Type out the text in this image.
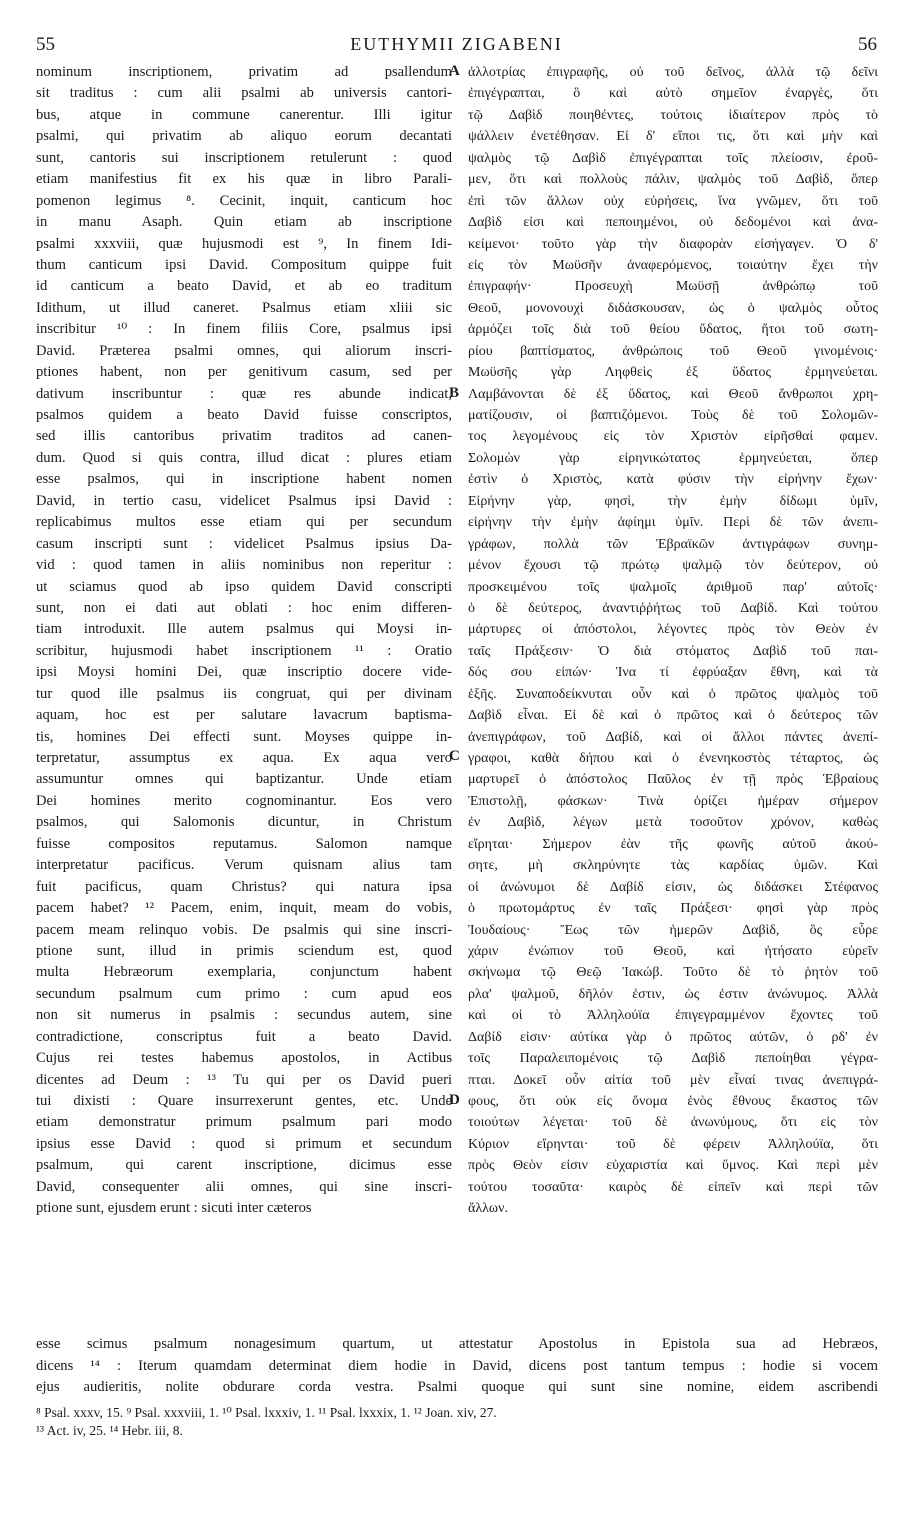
55	EUTHYMII ZIGABENI	56
nominum inscriptionem, privatim ad psallendum
sit traditus : cum alii psalmi ab universis cantori-
bus, atque in commune canerentur. Illi igitur
psalmi, qui privatim ab aliquo eorum decantati
sunt, cantoris sui inscriptionem retulerunt : quod
etiam manifestius fit ex his quæ in libro Parali-
pomenon legimus ⁸. Cecinit, inquit, canticum hoc
in manu Asaph. Quin etiam ab inscriptione
psalmi xxxviii, quæ hujusmodi est ⁹, In finem Idi-
thum canticum ipsi David. Compositum quippe fuit
id canticum a beato David, et ab eo traditum
Idithum, ut illud caneret. Psalmus etiam xliii sic
inscribitur ¹⁰ : In finem filiis Core, psalmus ipsi
David. Præterea psalmi omnes, qui aliorum inscri-
ptiones habent, non per genitivum casum, sed per
dativum inscribuntur : quæ res abunde indicat,
psalmos quidem a beato David fuisse conscriptos,
sed illis cantoribus privatim traditos ad canen-
dum. Quod si quis contra, illud dicat : plures etiam
esse psalmos, qui in inscriptione habent nomen
David, in tertio casu, videlicet Psalmus ipsi David :
replicabimus multos esse etiam qui per secundum
casum inscripti sunt : videlicet Psalmus ipsius Da-
vid : quod tamen in aliis nominibus non reperitur :
ut sciamus quod ab ipso quidem David conscripti
sunt, non ei dati aut oblati : hoc enim differen-
tiam introduxit. Ille autem psalmus qui Moysi in-
scribitur, hujusmodi habet inscriptionem ¹¹ : Oratio
ipsi Moysi homini Dei, quæ inscriptio docere vide-
tur quod ille psalmus iis congruat, qui per divinam
aquam, hoc est per salutare lavacrum baptisma-
tis, homines Dei effecti sunt. Moyses quippe in-
terpretatur, assumptus ex aqua. Ex aqua vero
assumuntur omnes qui baptizantur. Unde etiam
Dei homines merito cognominantur. Eos vero
psalmos, qui Salomonis dicuntur, in Christum
fuisse compositos reputamus. Salomon namque
interpretatur pacificus. Verum quisnam alius tam
fuit pacificus, quam Christus? qui natura ipsa
pacem habet? ¹² Pacem, enim, inquit, meam do vobis,
pacem meam relinquo vobis. De psalmis qui sine inscri-
ptione sunt, illud in primis sciendum est, quod
multa Hebræorum exemplaria, conjunctum habent
secundum psalmum cum primo : cum apud eos
non sit numerus in psalmis : secundus autem, sine
contradictione, conscriptus fuit a beato David.
Cujus rei testes habemus apostolos, in Actibus
dicentes ad Deum : ¹³ Tu qui per os David pueri
tui dixisti : Quare insurrexerunt gentes, etc. Unde
etiam demonstratur primum psalmum pari modo
ipsius esse David : quod si primum et secundum
psalmum, qui carent inscriptione, dicimus esse
David, consequenter alii omnes, qui sine inscri-
ptione sunt, ejusdem erunt : sicuti inter cæteros
ἀλλοτρίας ἐπιγραφῆς, οὐ τοῦ δεῖνος, ἀλλὰ τῷ δεῖνι
ἐπιγέγραπται, ὃ καὶ αὐτὸ σημεῖον ἐναργὲς, ὅτι
τῷ Δαβὶδ ποιηθέντες, τούτοις ἰδιαίτερον πρὸς τὸ
ψάλλειν ἐνετέθησαν. Εἰ δ' εἴποι τις, ὅτι καὶ μὴν καὶ
ψαλμὸς τῷ Δαβὶδ ἐπιγέγραπται τοῖς πλείοσιν, ἐροῦ-
μεν, ὅτι καὶ πολλοὺς πάλιν, ψαλμὸς τοῦ Δαβὶδ, ὅπερ
ἐπὶ τῶν ἄλλων οὐχ εὑρήσεις, ἵνα γνῶμεν, ὅτι τοῦ
Δαβὶδ εἰσι καὶ πεποιημένοι, οὐ δεδομένοι καὶ ἀνα-
κείμενοι· τοῦτο γὰρ τὴν διαφορὰν εἰσήγαγεν. Ὁ δ'
εἰς τὸν Μωϋσῆν ἀναφερόμενος, τοιαύτην ἔχει τὴν
ἐπιγραφήν· Προσευχὴ Μωϋσῇ ἀνθρώπῳ τοῦ
Θεοῦ, μονονουχὶ διδάσκουσαν, ὡς ὁ ψαλμὸς οὗτος
ἁρμόζει τοῖς διὰ τοῦ θείου ὕδατος, ἤτοι τοῦ σωτη-
ρίου βαπτίσματος, ἀνθρώποις τοῦ Θεοῦ γινομένοις·
Μωϋσῆς γὰρ Ληφθεὶς ἐξ ὕδατος ἑρμηνεύεται.
Λαμβάνονται δὲ ἐξ ὕδατος, καὶ Θεοῦ ἄνθρωποι χρη-
ματίζουσιν, οἱ βαπτιζόμενοι. Τοὺς δὲ τοῦ Σολομῶν-
τος λεγομένους εἰς τὸν Χριστὸν εἰρῆσθαί φαμεν.
Σολομὼν γὰρ εἰρηνικώτατος ἑρμηνεύεται, ὅπερ
ἐστὶν ὁ Χριστὸς, κατὰ φύσιν τὴν εἰρήνην ἔχων·
Εἰρήνην γὰρ, φησὶ, τὴν ἐμὴν δίδωμι ὑμῖν,
εἰρήνην τὴν ἐμὴν ἀφίημι ὑμῖν. Περὶ δὲ τῶν ἀνεπι-
γράφων, πολλὰ τῶν Ἑβραϊκῶν ἀντιγράφων συνημ-
μένον ἔχουσι τῷ πρώτῳ ψαλμῷ τὸν δεύτερον, οὐ
προσκειμένου τοῖς ψαλμοῖς ἀριθμοῦ παρ' αὐτοῖς·
ὁ δὲ δεύτερος, ἀναντιῤῥήτως τοῦ Δαβίδ. Καὶ τούτου
μάρτυρες οἱ ἀπόστολοι, λέγοντες πρὸς τὸν Θεὸν ἐν
ταῖς Πράξεσιν· Ὁ διὰ στόματος Δαβὶδ τοῦ παι-
δός σου εἰπών· Ἱνα τί ἐφρύαξαν ἔθνη, καὶ τὰ
ἑξῆς. Συναποδείκνυται οὖν καὶ ὁ πρῶτος ψαλμὸς τοῦ
Δαβὶδ εἶναι. Εἰ δὲ καὶ ὁ πρῶτος καὶ ὁ δεύτερος τῶν
ἀνεπιγράφων, τοῦ Δαβίδ, καὶ οἱ ἄλλοι πάντες ἀνεπί-
γραφοι, καθὰ δήπου καὶ ὁ ἐνενηκοστὸς τέταρτος, ὡς
μαρτυρεῖ ὁ ἀπόστολος Παῦλος ἐν τῇ πρὸς Ἑβραίους
Ἐπιστολῇ, φάσκων· Τινὰ ὁρίζει ἡμέραν σήμερον
ἐν Δαβὶδ, λέγων μετὰ τοσοῦτον χρόνον, καθὼς
εἴρηται· Σήμερον ἐὰν τῆς φωνῆς αὐτοῦ ἀκού-
σητε, μὴ σκληρύνητε τὰς καρδίας ὑμῶν. Καὶ
οἱ ἀνώνυμοι δὲ Δαβίδ εἰσιν, ὡς διδάσκει Στέφανος
ὁ πρωτομάρτυς ἐν ταῖς Πράξεσι· φησὶ γὰρ πρὸς
Ἰουδαίους· Ἕως τῶν ἡμερῶν Δαβὶδ, ὃς εὗρε
χάριν ἐνώπιον τοῦ Θεοῦ, καὶ ἠτήσατο εὑρεῖν
σκήνωμα τῷ Θεῷ Ἰακώβ. Τοῦτο δὲ τὸ ῥητὸν τοῦ
ρλα' ψαλμοῦ, δῆλόν ἐστιν, ὡς ἐστιν ἀνώνυμος. Ἀλλὰ
καὶ οἱ τὸ Ἀλληλούϊα ἐπιγεγραμμένον ἔχοντες τοῦ
Δαβίδ εἰσιν· αὐτίκα γὰρ ὁ πρῶτος αὐτῶν, ὁ ρδ' ἐν
τοῖς Παραλειπομένοις τῷ Δαβὶδ πεποίηθαι γέγρα-
πται. Δοκεῖ οὖν αἰτία τοῦ μὲν εἶναί τινας ἀνεπιγρά-
φους, ὅτι οὐκ εἰς ὄνομα ἑνὸς ἔθνους ἕκαστος τῶν
τοιούτων λέγεται· τοῦ δὲ ἀνωνύμους, ὅτι εἰς τὸν
Κύριον εἴρηνται· τοῦ δὲ φέρειν Ἀλληλούϊα, ὅτι
πρὸς Θεὸν εἰσιν εὐχαριστία καὶ ὕμνος. Καὶ περὶ μὲν
τούτου τοσαῦτα· καιρὸς δὲ εἰπεῖν καὶ περὶ τῶν
ἄλλων.
A
B
C
D
esse scimus psalmum nonagesimum quartum, ut attestatur Apostolus in Epistola sua ad Hebræos,
dicens ¹⁴ : Iterum quamdam determinat diem hodie in David, dicens post tantum tempus : hodie si vocem
ejus audieritis, nolite obdurare corda vestra. Psalmi quoque qui sunt sine nomine, eidem ascribendi
⁸ Psal. xxxv, 15. ⁹ Psal. xxxviii, 1. ¹⁰ Psal. lxxxiv, 1. ¹¹ Psal. lxxxix, 1. ¹² Joan. xiv, 27.
¹³ Act. iv, 25. ¹⁴ Hebr. iii, 8.
